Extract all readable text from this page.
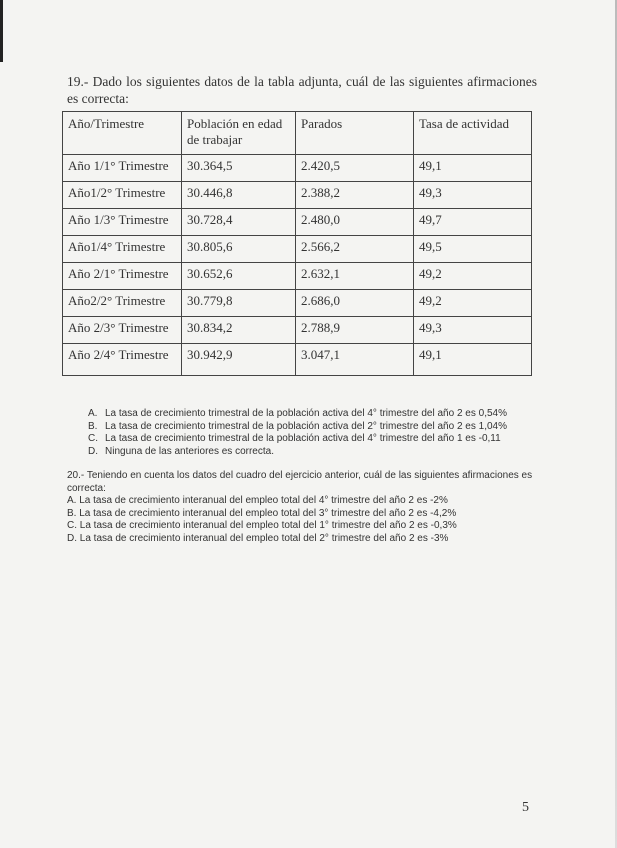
19.- Dado los siguientes datos de la tabla adjunta, cuál de las siguientes afirmaciones es correcta:
Año/Trimestre	Población en edad de trabajar	Parados	Tasa de actividad
Año 1/1° Trimestre	30.364,5	2.420,5	49,1
Año1/2° Trimestre	30.446,8	2.388,2	49,3
Año 1/3° Trimestre	30.728,4	2.480,0	49,7
Año1/4° Trimestre	30.805,6	2.566,2	49,5
Año 2/1° Trimestre	30.652,6	2.632,1	49,2
Año2/2° Trimestre	30.779,8	2.686,0	49,2
Año 2/3° Trimestre	30.834,2	2.788,9	49,3
Año 2/4° Trimestre	30.942,9	3.047,1	49,1
A. La tasa de crecimiento trimestral de la población activa del 4° trimestre del año 2 es 0,54%
B. La tasa de crecimiento trimestral de la población activa del 2° trimestre del año 2 es 1,04%
C. La tasa de crecimiento trimestral de la población activa del 4° trimestre del año 1 es -0,11
D. Ninguna de las anteriores es correcta.
20.- Teniendo en cuenta los datos del cuadro del ejercicio anterior, cuál de las siguientes afirmaciones es correcta:
A. La tasa de crecimiento interanual del empleo total del 4° trimestre del año 2 es -2%
B. La tasa de crecimiento interanual del empleo total del 3° trimestre del año 2 es -4,2%
C. La tasa de crecimiento interanual del empleo total del 1° trimestre del año 2 es -0,3%
D. La tasa de crecimiento interanual del empleo total del 2° trimestre del año 2 es -3%
5
